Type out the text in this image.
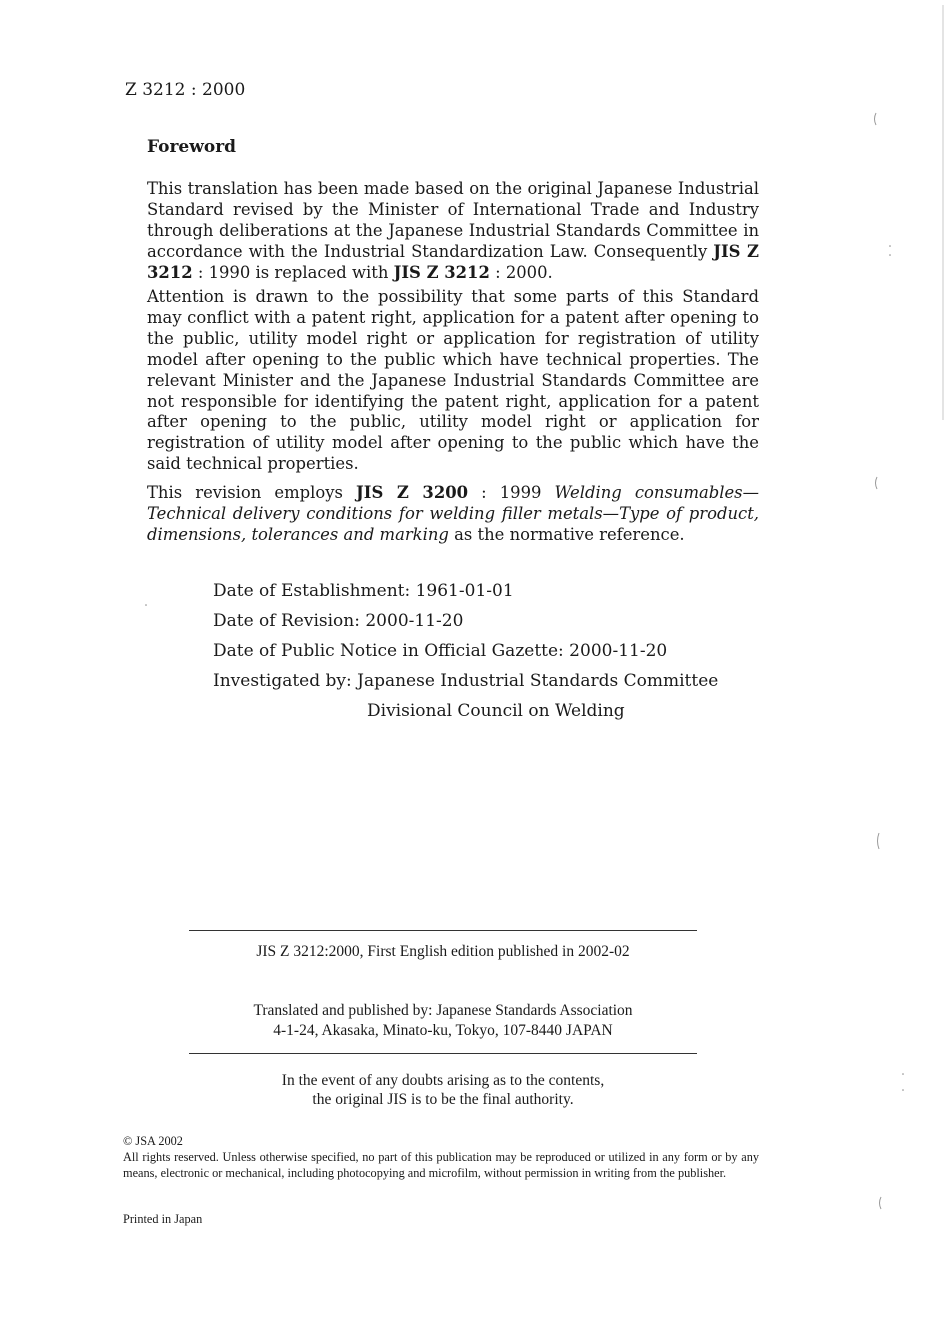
Z 3212 : 2000
Foreword

This translation has been made based on the original Japanese Industrial Standard revised by the Minister of International Trade and Industry through deliberations at the Japanese Industrial Standards Committee in accordance with the Industrial Standardization Law. Consequently JIS Z 3212 : 1990 is replaced with JIS Z 3212 : 2000.

Attention is drawn to the possibility that some parts of this Standard may conflict with a patent right, application for a patent after opening to the public, utility model right or application for registration of utility model after opening to the public which have technical properties. The relevant Minister and the Japanese Industrial Standards Committee are not responsible for identifying the patent right, application for a patent after opening to the public, utility model right or application for registration of utility model after opening to the public which have the said technical properties.

This revision employs JIS Z 3200 : 1999 Welding consumables—Technical delivery conditions for welding filler metals—Type of product, dimensions, tolerances and marking as the normative reference.

Date of Establishment: 1961-01-01
Date of Revision: 2000-11-20
Date of Public Notice in Official Gazette: 2000-11-20
Investigated by: Japanese Industrial Standards Committee
Divisional Council on Welding
JIS Z 3212:2000, First English edition published in 2002-02
Translated and published by: Japanese Standards Association
4-1-24, Akasaka, Minato-ku, Tokyo, 107-8440 JAPAN
In the event of any doubts arising as to the contents,
the original JIS is to be the final authority.
© JSA 2002

All rights reserved. Unless otherwise specified, no part of this publication may be reproduced or utilized in any form or by any means, electronic or mechanical, including photocopying and microfilm, without permission in writing from the publisher.

Printed in Japan
